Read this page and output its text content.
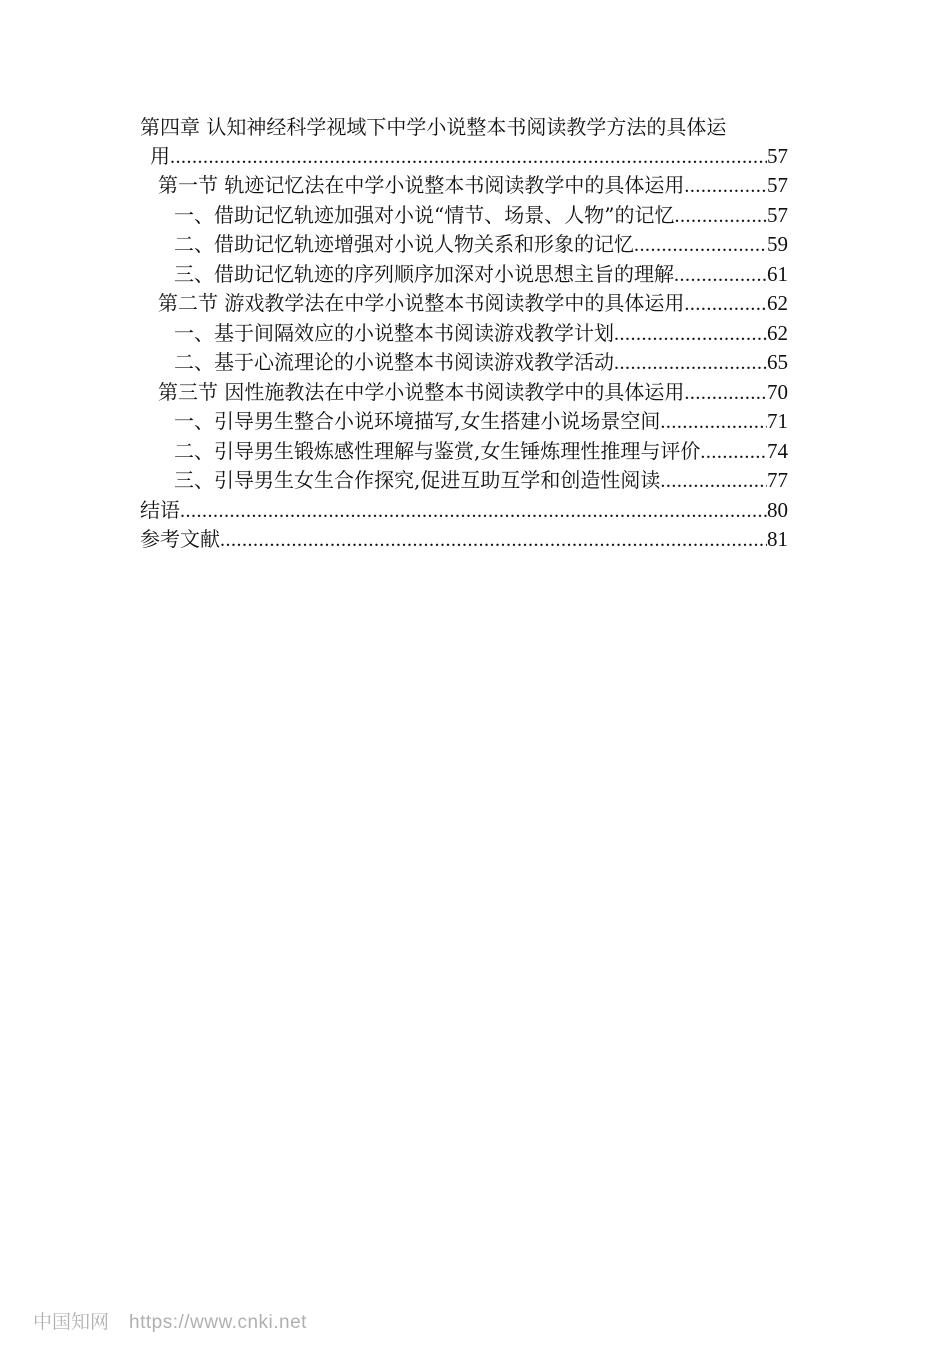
第四章 认知神经科学视域下中学小说整本书阅读教学方法的具体运
用 .....	57
第一节 轨迹记忆法在中学小说整本书阅读教学中的具体运用 .....	57
一、借助记忆轨迹加强对小说“情节、场景、人物”的记忆 .....	57
二、借助记忆轨迹增强对小说人物关系和形象的记忆 .....	59
三、借助记忆轨迹的序列顺序加深对小说思想主旨的理解 .....	61
第二节 游戏教学法在中学小说整本书阅读教学中的具体运用 .....	62
一、基于间隔效应的小说整本书阅读游戏教学计划 .....	62
二、基于心流理论的小说整本书阅读游戏教学活动 .....	65
第三节 因性施教法在中学小说整本书阅读教学中的具体运用 .....	70
一、引导男生整合小说环境描写,女生搭建小说场景空间 .....	71
二、引导男生锻炼感性理解与鉴赏,女生锤炼理性推理与评价 .....	74
三、引导男生女生合作探究,促进互助互学和创造性阅读 .....	77
结语 .....	80
参考文献 .....	81
中国知网 https://www.cnki.net
